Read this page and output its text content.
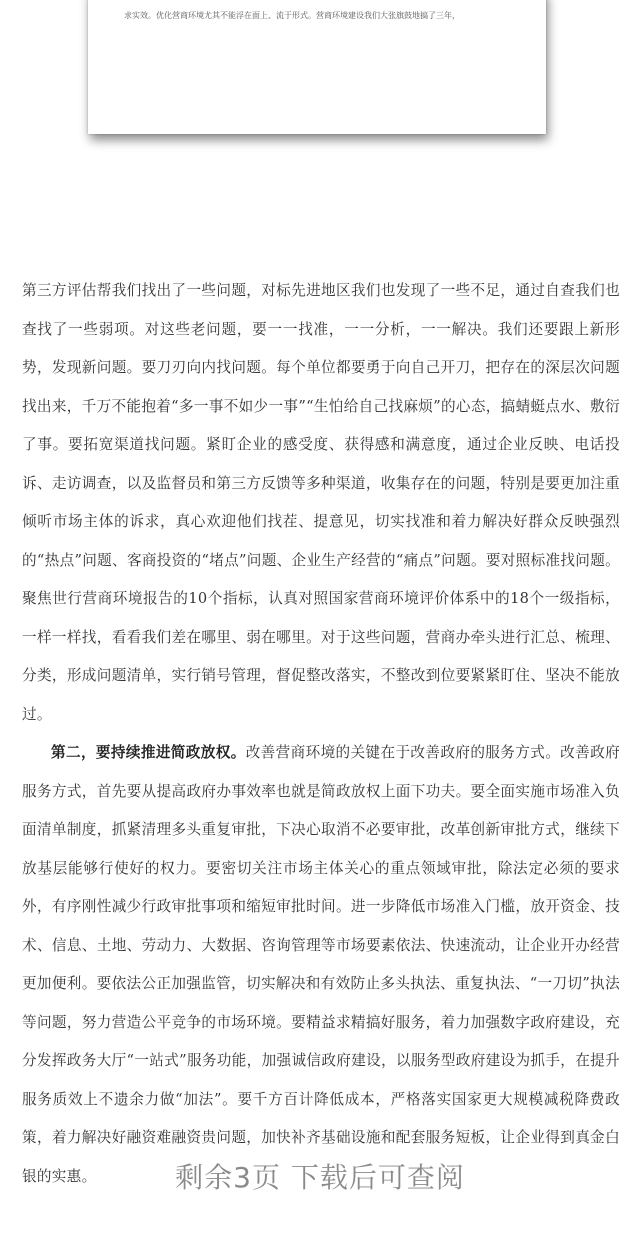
求实效。优化营商环境尤其不能浮在面上、流于形式。营商环境建设我们大张旗鼓地搞了三年，

第三方评估帮我们找出了一些问题，对标先进地区我们也发现了一些不足，通过自查我们也查找了一些弱项。对这些老问题，要一一找准，一一分析，一一解决。我们还要跟上新形势，发现新问题。要刀刃向内找问题。每个单位都要勇于向自己开刀，把存在的深层次问题找出来，千万不能抱着“多一事不如少一事”“生怕给自己找麻烦”的心态，搞蜻蜓点水、敷衍了事。要拓宽渠道找问题。紧盯企业的感受度、获得感和满意度，通过企业反映、电话投诉、走访调查，以及监督员和第三方反馈等多种渠道，收集存在的问题，特别是要更加注重倾听市场主体的诉求，真心欢迎他们找茬、提意见，切实找准和着力解决好群众反映强烈的“热点”问题、客商投资的“堵点”问题、企业生产经营的“痛点”问题。要对照标准找问题。聚焦世行营商环境报告的10个指标，认真对照国家营商环境评价体系中的18个一级指标，一样一样找，看看我们差在哪里、弱在哪里。对于这些问题，营商办牵头进行汇总、梳理、分类，形成问题清单，实行销号管理，督促整改落实，不整改到位要紧紧盯住、坚决不能放过。

第二，要持续推进简政放权。改善营商环境的关键在于改善政府的服务方式。改善政府服务方式，首先要从提高政府办事效率也就是简政放权上面下功夫。要全面实施市场准入负面清单制度，抓紧清理多头重复审批，下决心取消不必要审批，改革创新审批方式，继续下放基层能够行使好的权力。要密切关注市场主体关心的重点领域审批，除法定必须的要求外，有序刚性减少行政审批事项和缩短审批时间。进一步降低市场准入门槛，放开资金、技术、信息、土地、劳动力、大数据、咨询管理等市场要素依法、快速流动，让企业开办经营更加便利。要依法公正加强监管，切实解决和有效防止多头执法、重复执法、“一刀切”执法等问题，努力营造公平竞争的市场环境。要精益求精搞好服务，着力加强数字政府建设，充分发挥政务大厅“一站式”服务功能，加强诚信政府建设，以服务型政府建设为抓手，在提升服务质效上不遗余力做“加法”。要千方百计降低成本，严格落实国家更大规模减税降费政策，着力解决好融资难融资贵问题，加快补齐基础设施和配套服务短板，让企业得到真金白银的实惠。	剩余3页 下载后可查阅
